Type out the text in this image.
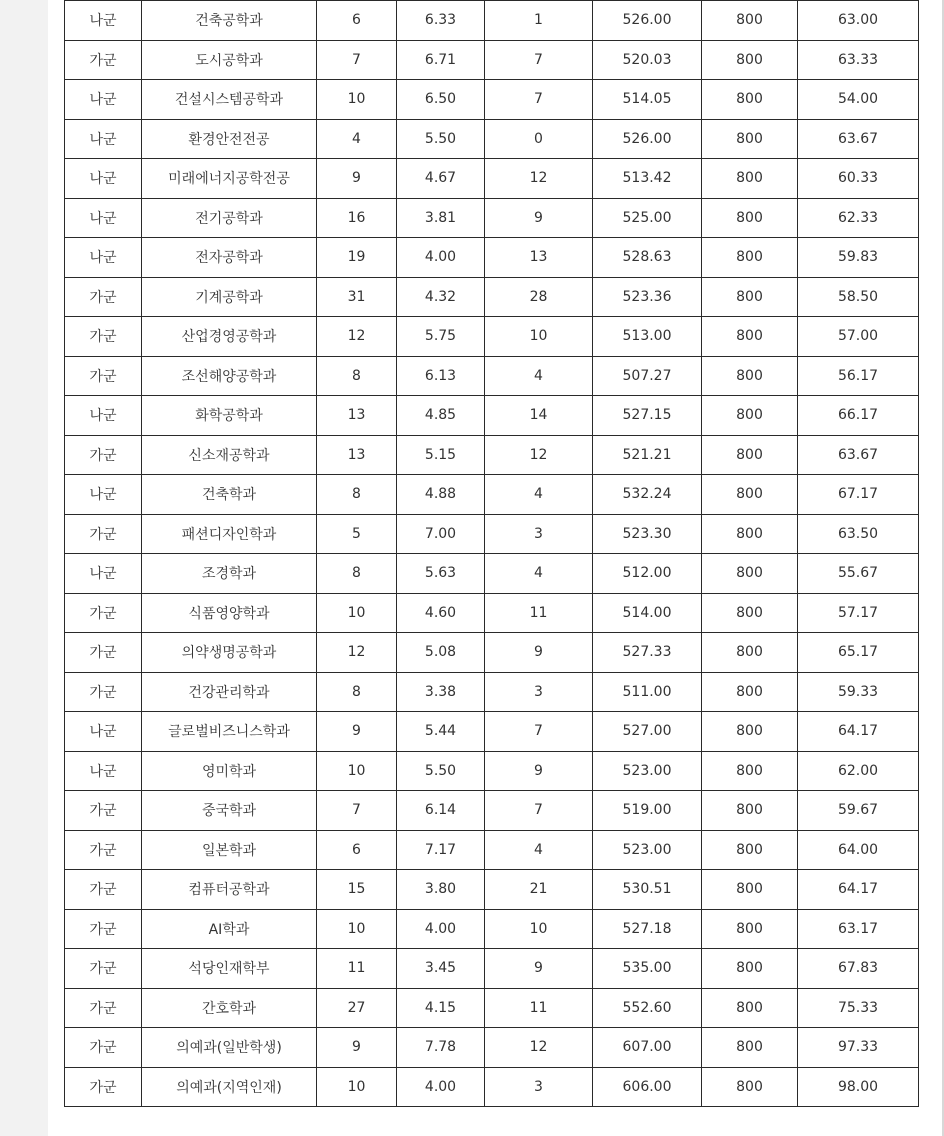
나군	건축공학과	6	6.33	1	526.00	800	63.00
가군	도시공학과	7	6.71	7	520.03	800	63.33
나군	건설시스템공학과	10	6.50	7	514.05	800	54.00
나군	환경안전전공	4	5.50	0	526.00	800	63.67
나군	미래에너지공학전공	9	4.67	12	513.42	800	60.33
나군	전기공학과	16	3.81	9	525.00	800	62.33
나군	전자공학과	19	4.00	13	528.63	800	59.83
가군	기계공학과	31	4.32	28	523.36	800	58.50
가군	산업경영공학과	12	5.75	10	513.00	800	57.00
가군	조선해양공학과	8	6.13	4	507.27	800	56.17
나군	화학공학과	13	4.85	14	527.15	800	66.17
가군	신소재공학과	13	5.15	12	521.21	800	63.67
나군	건축학과	8	4.88	4	532.24	800	67.17
가군	패션디자인학과	5	7.00	3	523.30	800	63.50
나군	조경학과	8	5.63	4	512.00	800	55.67
가군	식품영양학과	10	4.60	11	514.00	800	57.17
가군	의약생명공학과	12	5.08	9	527.33	800	65.17
가군	건강관리학과	8	3.38	3	511.00	800	59.33
나군	글로벌비즈니스학과	9	5.44	7	527.00	800	64.17
나군	영미학과	10	5.50	9	523.00	800	62.00
가군	중국학과	7	6.14	7	519.00	800	59.67
가군	일본학과	6	7.17	4	523.00	800	64.00
가군	컴퓨터공학과	15	3.80	21	530.51	800	64.17
가군	AI학과	10	4.00	10	527.18	800	63.17
가군	석당인재학부	11	3.45	9	535.00	800	67.83
가군	간호학과	27	4.15	11	552.60	800	75.33
가군	의예과(일반학생)	9	7.78	12	607.00	800	97.33
가군	의예과(지역인재)	10	4.00	3	606.00	800	98.00
